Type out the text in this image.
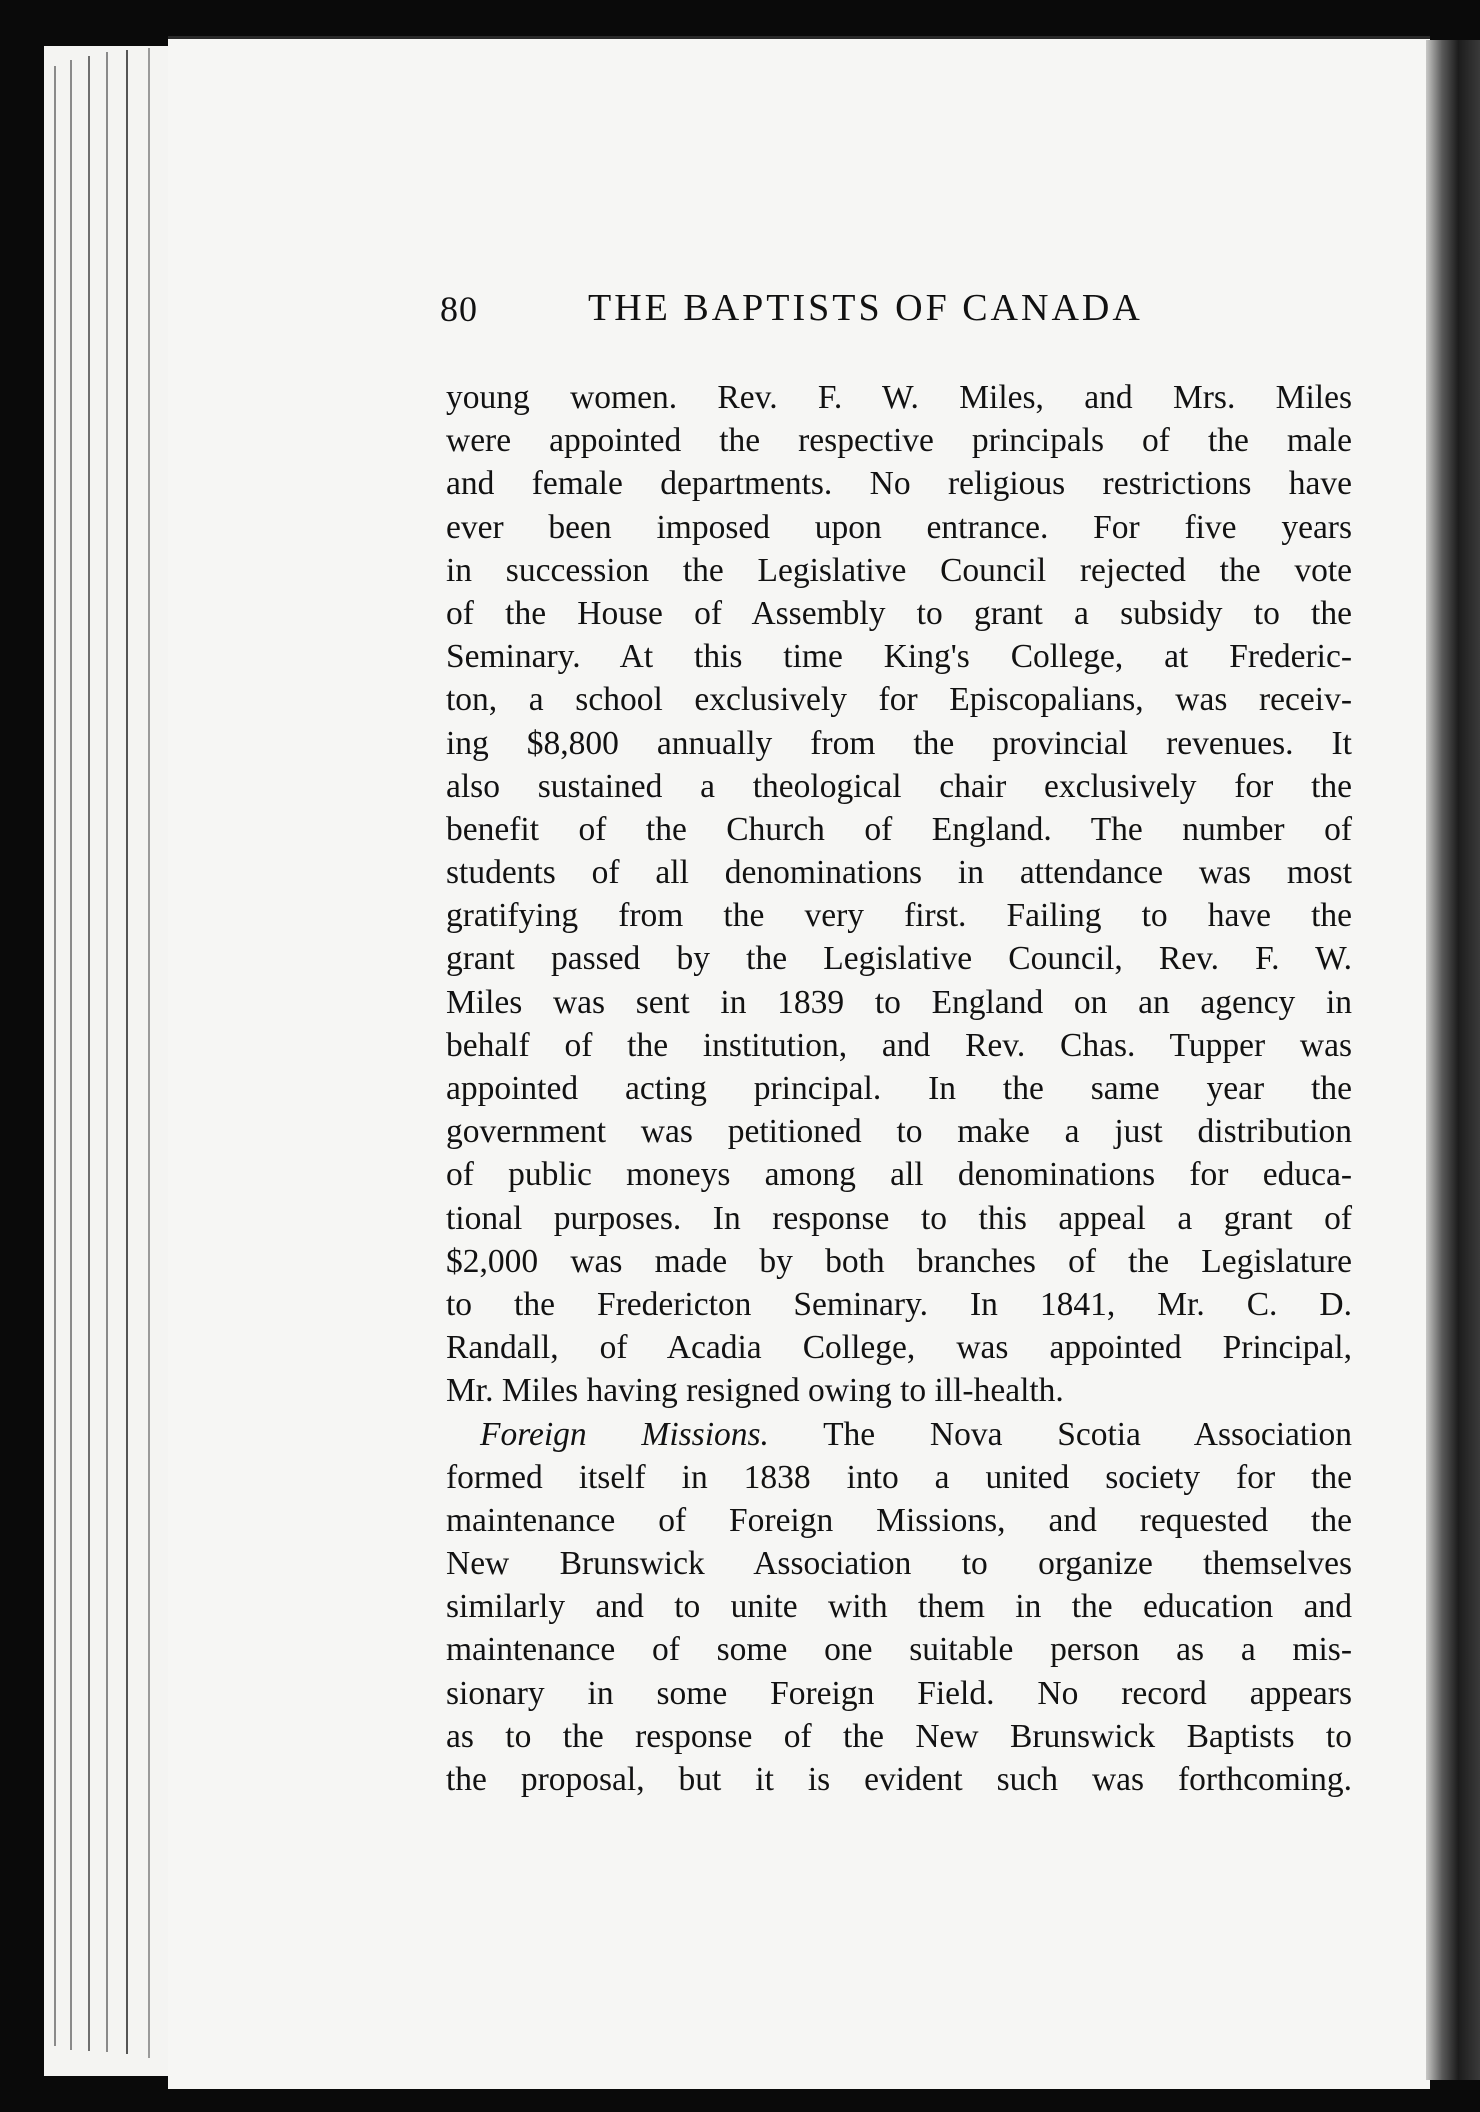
80	THE BAPTISTS OF CANADA
young women. Rev. F. W. Miles, and Mrs. Miles
were appointed the respective principals of the male
and female departments. No religious restrictions have
ever been imposed upon entrance. For five years
in succession the Legislative Council rejected the vote
of the House of Assembly to grant a subsidy to the
Seminary. At this time King's College, at Frederic-
ton, a school exclusively for Episcopalians, was receiv-
ing $8,800 annually from the provincial revenues. It
also sustained a theological chair exclusively for the
benefit of the Church of England. The number of
students of all denominations in attendance was most
gratifying from the very first. Failing to have the
grant passed by the Legislative Council, Rev. F. W.
Miles was sent in 1839 to England on an agency in
behalf of the institution, and Rev. Chas. Tupper was
appointed acting principal. In the same year the
government was petitioned to make a just distribution
of public moneys among all denominations for educa-
tional purposes. In response to this appeal a grant of
$2,000 was made by both branches of the Legislature
to the Fredericton Seminary. In 1841, Mr. C. D.
Randall, of Acadia College, was appointed Principal,
Mr. Miles having resigned owing to ill-health.
Foreign Missions. The Nova Scotia Association
formed itself in 1838 into a united society for the
maintenance of Foreign Missions, and requested the
New Brunswick Association to organize themselves
similarly and to unite with them in the education and
maintenance of some one suitable person as a mis-
sionary in some Foreign Field. No record appears
as to the response of the New Brunswick Baptists to
the proposal, but it is evident such was forthcoming.
